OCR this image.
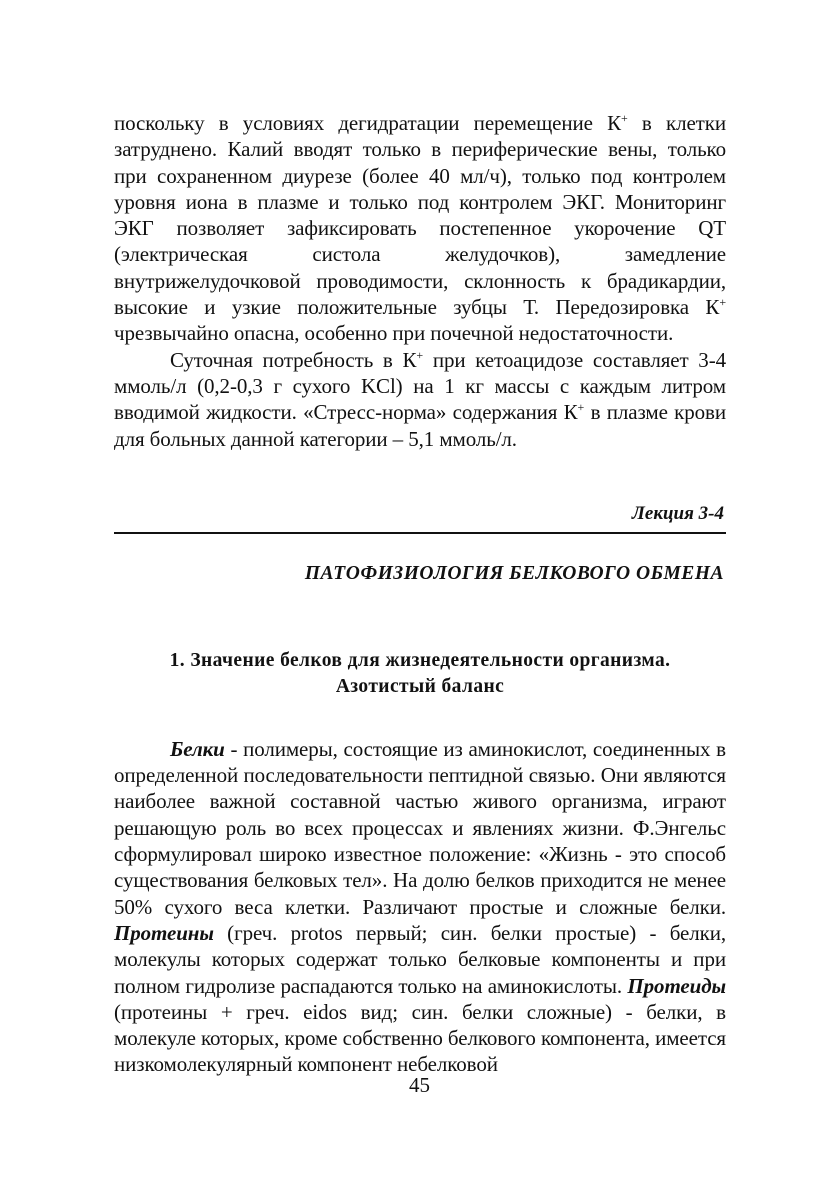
поскольку в условиях дегидратации перемещение К+ в клетки затруднено. Калий вводят только в периферические вены, только при сохраненном диурезе (более 40 мл/ч), только под контролем уровня иона в плазме и только под контролем ЭКГ. Мониторинг ЭКГ позволяет зафиксировать постепенное укорочение QT (электрическая систола желудочков), замедление внутрижелудочковой проводимости, склонность к брадикардии, высокие и узкие положительные зубцы Т. Передозировка К+ чрезвычайно опасна, особенно при почечной недостаточности.

Суточная потребность в К+ при кетоацидозе составляет 3-4 ммоль/л (0,2-0,3 г сухого KCl) на 1 кг массы с каждым литром вводимой жидкости. «Стресс-норма» содержания К+ в плазме крови для больных данной категории – 5,1 ммоль/л.

Лекция 3-4
ПАТОФИЗИОЛОГИЯ БЕЛКОВОГО ОБМЕНА
1. Значение белков для жизнедеятельности организма.
Азотистый баланс

Белки - полимеры, состоящие из аминокислот, соединенных в определенной последовательности пептидной связью. Они являются наиболее важной составной частью живого организма, играют решающую роль во всех процессах и явлениях жизни. Ф.Энгельс сформулировал широко известное положение: «Жизнь - это способ существования белковых тел». На долю белков приходится не менее 50% сухого веса клетки. Различают простые и сложные белки. Протеины (греч. protos первый; син. белки простые) - белки, молекулы которых содержат только белковые компоненты и при полном гидролизе распадаются только на аминокислоты. Протеиды (протеины + греч. eidos вид; син. белки сложные) - белки, в молекуле которых, кроме собственно белкового компонента, имеется низкомолекулярный компонент небелковой

45
